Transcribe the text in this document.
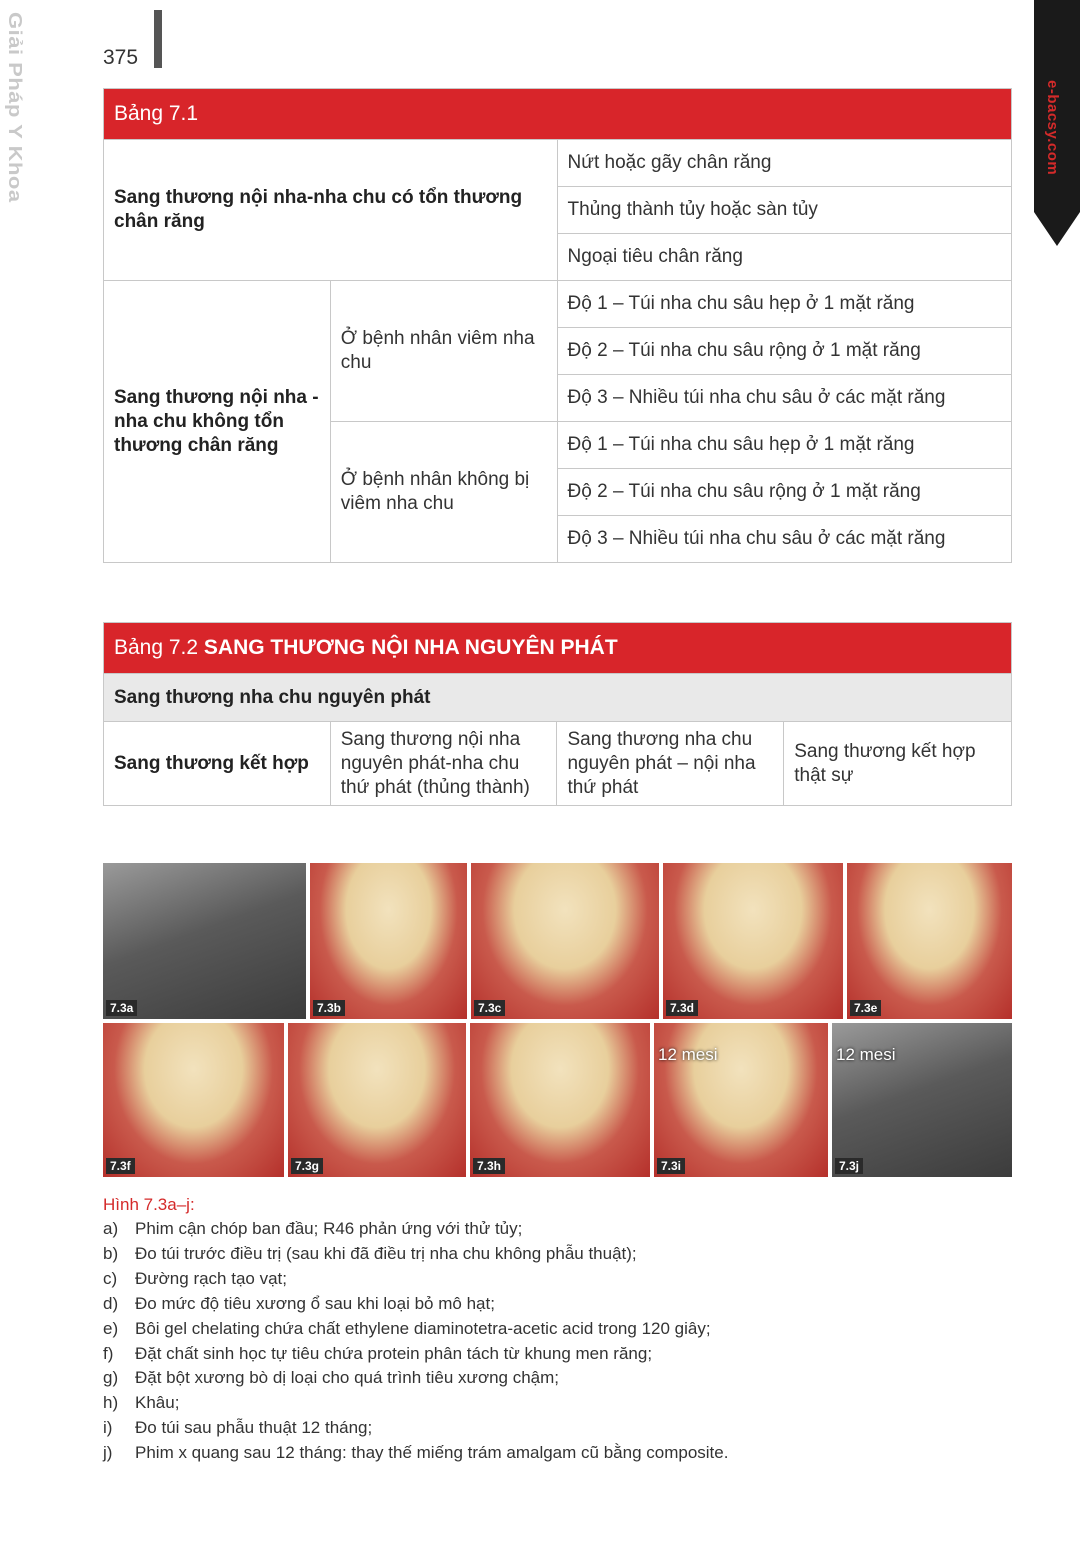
Giải Pháp Y Khoa	375
e-bacsy.com
Bảng 7.1		
Sang thương nội nha-nha chu có tổn thương chân răng		Nứt hoặc gãy chân răng
		Thủng thành tủy hoặc sàn tủy
		Ngoại tiêu chân răng
Sang thương nội nha - nha chu không tổn thương chân răng	Ở bệnh nhân viêm nha chu	Độ 1 – Túi nha chu sâu hẹp ở 1 mặt răng
		Độ 2 – Túi nha chu sâu rộng ở 1 mặt răng
		Độ 3 – Nhiều túi nha chu sâu ở các mặt răng
	Ở bệnh nhân không bị viêm nha chu	Độ 1 – Túi nha chu sâu hẹp ở 1 mặt răng
		Độ 2 – Túi nha chu sâu rộng ở 1 mặt răng
		Độ 3 – Nhiều túi nha chu sâu ở các mặt răng
Bảng 7.2 SANG THƯƠNG NỘI NHA NGUYÊN PHÁT
Sang thương nha chu nguyên phát
Sang thương kết hợp	Sang thương nội nha nguyên phát-nha chu thứ phát (thủng thành)	Sang thương nha chu nguyên phát – nội nha thứ phát	Sang thương kết hợp thật sự
7.3a	7.3b	7.3c	7.3d	7.3e
7.3f	7.3g	7.3h
12 mesi
7.3i
12 mesi
7.3j
Hình 7.3a–j:
a) Phim cận chóp ban đầu; R46 phản ứng với thử tủy;
b) Đo túi trước điều trị (sau khi đã điều trị nha chu không phẫu thuật);
c)	Đường rạch tạo vạt;
d) Đo mức độ tiêu xương ổ sau khi loại bỏ mô hạt;
e) Bôi gel chelating chứa chất ethylene diaminotetra-acetic acid trong 120 giây;
f)	Đặt chất sinh học tự tiêu chứa protein phân tách từ khung men răng;
g) Đặt bột xương bò dị loại cho quá trình tiêu xương chậm;
h) Khâu;
i)	Đo túi sau phẫu thuật 12 tháng;
j)	Phim x quang sau 12 tháng: thay thế miếng trám amalgam cũ bằng composite.
